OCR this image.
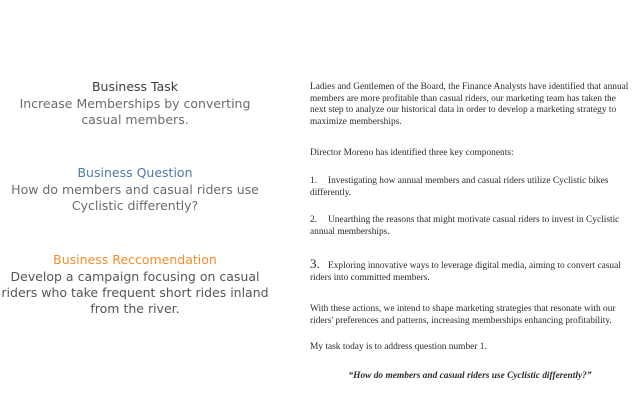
Business Task
Increase Memberships by converting casual members.
Business Question
How do members and casual riders use Cyclistic differently?
Business Reccomendation
Develop a campaign focusing on casual riders who take frequent short rides inland from the river.

Ladies and Gentlemen of the Board, the Finance Analysts have identified that annual members are more profitable than casual riders, our marketing team has taken the next step to analyze our historical data in order to develop a marketing strategy to maximize memberships.

Director Moreno has identified three key components:

1. Investigating how annual members and casual riders utilize Cyclistic bikes differently.

2. Unearthing the reasons that might motivate casual riders to invest in Cyclistic annual memberships.

3. Exploring innovative ways to leverage digital media, aiming to convert casual riders into committed members.

With these actions, we intend to shape marketing strategies that resonate with our riders' preferences and patterns, increasing memberships enhancing profitability.

My task today is to address question number 1.

“How do members and casual riders use Cyclistic differently?”
